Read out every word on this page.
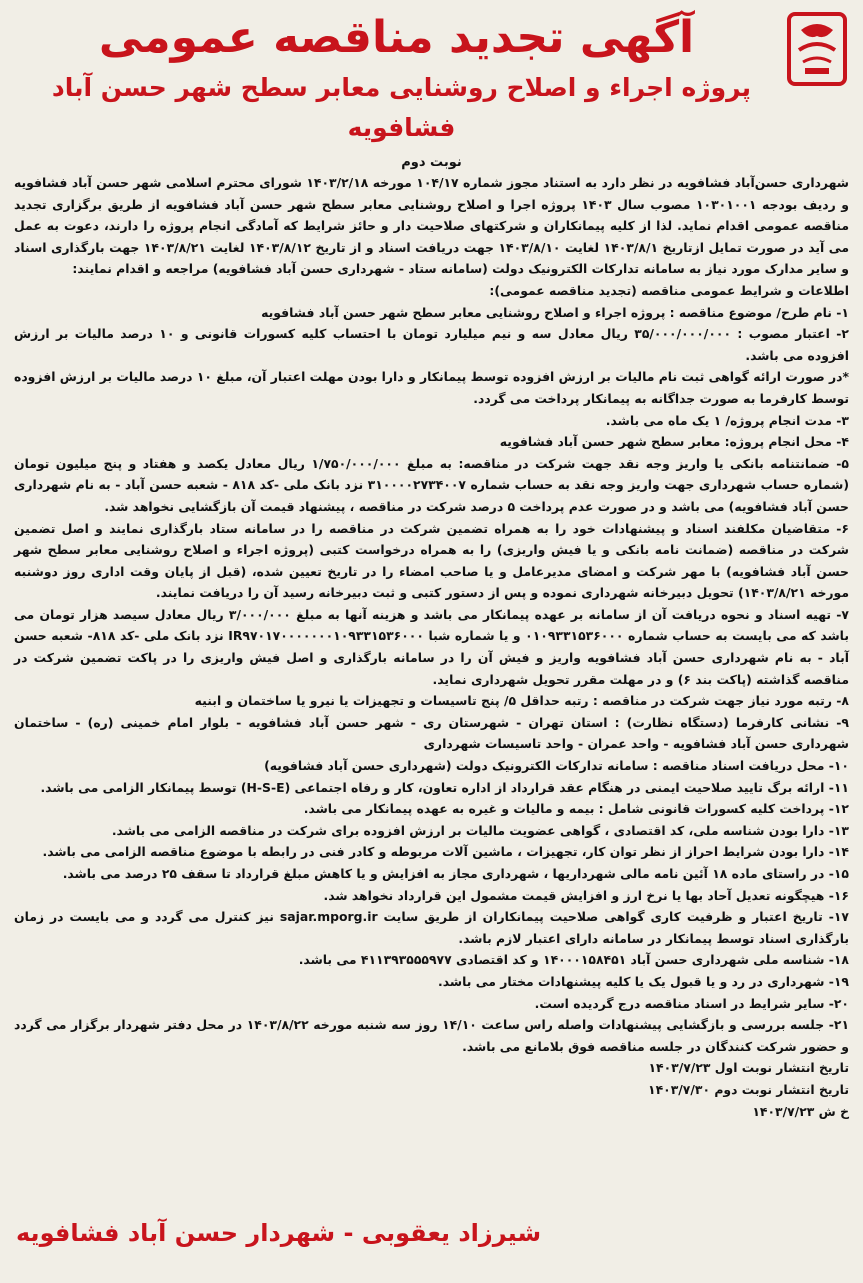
آگهی تجدید مناقصه عمومی
پروژه اجراء و اصلاح روشنایی معابر سطح شهر حسن آباد فشافویه
نوبت دوم

شهرداری حسن‌آباد فشافویه در نظر دارد به استناد مجوز شماره ۱۰۴/۱۷ مورخه ۱۴۰۳/۲/۱۸ شورای محترم اسلامی شهر حسن آباد فشافویه و ردیف بودجه ۱۰۳۰۱۰۰۱ مصوب سال ۱۴۰۳ پروژه اجرا و اصلاح روشنایی معابر سطح شهر حسن آباد فشافویه از طریق برگزاری تجدید مناقصه عمومی اقدام نماید. لذا از کلیه پیمانکاران و شرکتهای صلاحیت دار و حائز شرایط که آمادگی انجام پروژه را دارند، دعوت به عمل می آید در صورت تمایل ازتاریخ ۱۴۰۳/۸/۱ لغایت ۱۴۰۳/۸/۱۰ جهت دریافت اسناد و از تاریخ ۱۴۰۳/۸/۱۲ لغایت ۱۴۰۳/۸/۲۱ جهت بارگذاری اسناد و سایر مدارک مورد نیاز به سامانه تدارکات الکترونیک دولت (سامانه ستاد - شهرداری حسن آباد فشافویه) مراجعه و اقدام نمایند:

اطلاعات و شرایط عمومی مناقصه (تجدید مناقصه عمومی):

۱- نام طرح/ موضوع مناقصه : پروژه اجراء و اصلاح روشنایی معابر سطح شهر حسن آباد فشافویه

۲- اعتبار مصوب : ۳۵/۰۰۰/۰۰۰/۰۰۰ ریال معادل سه و نیم میلیارد تومان با احتساب کلیه کسورات قانونی و ۱۰ درصد مالیات بر ارزش افزوده می باشد.

*در صورت ارائه گواهی ثبت نام مالیات بر ارزش افزوده توسط پیمانکار و دارا بودن مهلت اعتبار آن، مبلغ ۱۰ درصد مالیات بر ارزش افزوده توسط کارفرما به صورت جداگانه به پیمانکار پرداخت می گردد.

۳- مدت انجام پروژه/ ۱ یک ماه می باشد.

۴- محل انجام پروژه: معابر سطح شهر حسن آباد فشافویه

۵- ضمانتنامه بانکی یا واریز وجه نقد جهت شرکت در مناقصه: به مبلغ ۱/۷۵۰/۰۰۰/۰۰۰ ریال معادل یکصد و هفتاد و پنج میلیون تومان (شماره حساب شهرداری جهت واریز وجه نقد به حساب شماره ۳۱۰۰۰۰۲۷۳۴۰۰۷ نزد بانک ملی -کد ۸۱۸ - شعبه حسن آباد - به نام شهرداری حسن آباد فشافویه) می باشد و در صورت عدم پرداخت ۵ درصد شرکت در مناقصه ، پیشنهاد قیمت آن بازگشایی نخواهد شد.

۶- متقاضیان مکلفند اسناد و پیشنهادات خود را به همراه تضمین شرکت در مناقصه را در سامانه ستاد بارگذاری نمایند و اصل تضمین شرکت در مناقصه (ضمانت نامه بانکی و یا فیش واریزی) را به همراه درخواست کتبی (پروژه اجراء و اصلاح روشنایی معابر سطح شهر حسن آباد فشافویه) با مهر شرکت و امضای مدیرعامل و یا صاحب امضاء را در تاریخ تعیین شده، (قبل از پایان وقت اداری روز دوشنبه مورخه ۱۴۰۳/۸/۲۱) تحویل دبیرخانه شهرداری نموده و پس از دستور کتبی و ثبت دبیرخانه رسید آن را دریافت نمایند.

۷- تهیه اسناد و نحوه دریافت آن از سامانه بر عهده پیمانکار می باشد و هزینه آنها به مبلغ ۳/۰۰۰/۰۰۰ ریال معادل سیصد هزار تومان می باشد که می بایست به حساب شماره ۰۱۰۹۳۳۱۵۳۶۰۰۰ و یا شماره شبا IR۹۷۰۱۷۰۰۰۰۰۰۰۱۰۹۳۳۱۵۳۶۰۰۰ نزد بانک ملی -کد ۸۱۸- شعبه حسن آباد - به نام شهرداری حسن آباد فشافویه واریز و فیش آن را در سامانه بارگذاری و اصل فیش واریزی را در پاکت تضمین شرکت در مناقصه گذاشته (پاکت بند ۶) و در مهلت مقرر تحویل شهرداری نماید.

۸- رتبه مورد نیاز جهت شرکت در مناقصه : رتبه حداقل ۵/ پنج تاسیسات و تجهیزات یا نیرو یا ساختمان و ابنیه

۹- نشانی کارفرما (دستگاه نظارت) : استان تهران - شهرستان ری - شهر حسن آباد فشافویه - بلوار امام خمینی (ره) - ساختمان شهرداری حسن آباد فشافویه - واحد عمران - واحد تاسیسات شهرداری

۱۰- محل دریافت اسناد مناقصه : سامانه تدارکات الکترونیک دولت (شهرداری حسن آباد فشافویه)

۱۱- ارائه برگ تایید صلاحیت ایمنی در هنگام عقد قرارداد از اداره تعاون، کار و رفاه اجتماعی (H-S-E) توسط پیمانکار الزامی می باشد.

۱۲- پرداخت کلیه کسورات قانونی شامل : بیمه و مالیات و غیره به عهده پیمانکار می باشد.

۱۳- دارا بودن شناسه ملی، کد اقتصادی ، گواهی عضویت مالیات بر ارزش افزوده برای شرکت در مناقصه الزامی می باشد.

۱۴- دارا بودن شرایط احراز از نظر توان کار، تجهیزات ، ماشین آلات مربوطه و کادر فنی در رابطه با موضوع مناقصه الزامی می باشد.

۱۵- در راستای ماده ۱۸ آئین نامه مالی شهرداریها ، شهرداری مجاز به افزایش و یا کاهش مبلغ قرارداد تا سقف ۲۵ درصد می باشد.

۱۶- هیچگونه تعدیل آحاد بها یا نرخ ارز و افزایش قیمت مشمول این قرارداد نخواهد شد.

۱۷- تاریخ اعتبار و ظرفیت کاری گواهی صلاحیت پیمانکاران از طریق سایت sajar.mporg.ir نیز کنترل می گردد و می بایست در زمان بارگذاری اسناد توسط پیمانکار در سامانه دارای اعتبار لازم باشد.

۱۸- شناسه ملی شهرداری حسن آباد ۱۴۰۰۰۱۵۸۴۵۱ و کد اقتصادی ۴۱۱۳۹۳۵۵۵۹۷۷ می باشد.

۱۹- شهرداری در رد و یا قبول یک یا کلیه پیشنهادات مختار می باشد.

۲۰- سایر شرایط در اسناد مناقصه درج گردیده است.

۲۱- جلسه بررسی و بازگشایی پیشنهادات واصله راس ساعت ۱۴/۱۰ روز سه شنبه مورخه ۱۴۰۳/۸/۲۲ در محل دفتر شهردار برگزار می گردد و حضور شرکت کنندگان در جلسه مناقصه فوق بلامانع می باشد.

تاریخ انتشار نوبت اول ۱۴۰۳/۷/۲۳
تاریخ انتشار نوبت دوم ۱۴۰۳/۷/۳۰
خ ش ۱۴۰۳/۷/۲۳
شیرزاد یعقوبی - شهردار حسن آباد فشافویه
